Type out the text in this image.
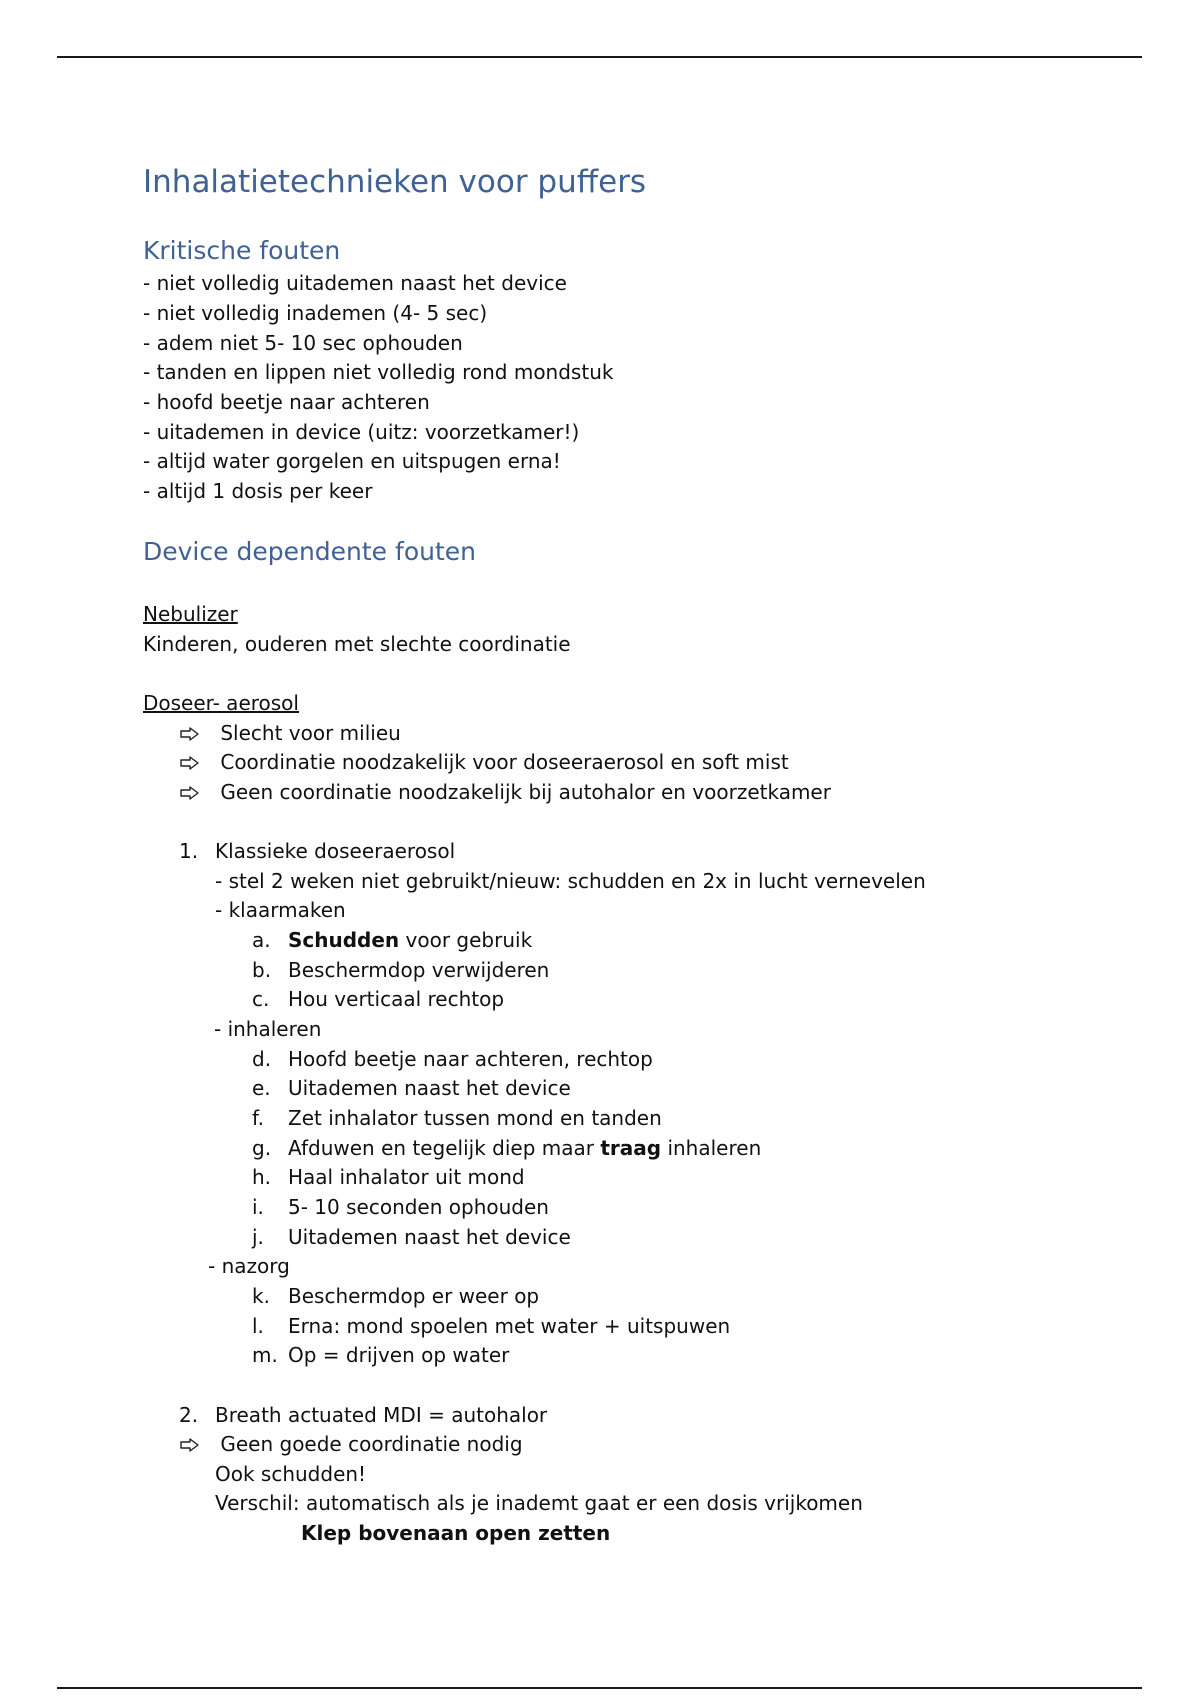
Inhalatietechnieken voor puffers
Kritische fouten
- niet volledig uitademen naast het device
- niet volledig inademen (4- 5 sec)
- adem niet 5- 10 sec ophouden
- tanden en lippen niet volledig rond mondstuk
- hoofd beetje naar achteren
- uitademen in device (uitz: voorzetkamer!)
- altijd water gorgelen en uitspugen erna!
- altijd 1 dosis per keer
Device dependente fouten
Nebulizer
Kinderen, ouderen met slechte coordinatie
Doseer- aerosol
Slecht voor milieu
Coordinatie noodzakelijk voor doseeraerosol en soft mist
Geen coordinatie noodzakelijk bij autohalor en voorzetkamer
1. Klassieke doseeraerosol
- stel 2 weken niet gebruikt/nieuw: schudden en 2x in lucht vernevelen
- klaarmaken
a. Schudden voor gebruik
b. Beschermdop verwijderen
c. Hou verticaal rechtop
- inhaleren
d. Hoofd beetje naar achteren, rechtop
e. Uitademen naast het device
f. Zet inhalator tussen mond en tanden
g. Afduwen en tegelijk diep maar traag inhaleren
h. Haal inhalator uit mond
i. 5- 10 seconden ophouden
j. Uitademen naast het device
- nazorg
k. Beschermdop er weer op
l. Erna: mond spoelen met water + uitspuwen
m. Op = drijven op water
2. Breath actuated MDI = autohalor
Geen goede coordinatie nodig
Ook schudden!
Verschil: automatisch als je inademt gaat er een dosis vrijkomen
Klep bovenaan open zetten
